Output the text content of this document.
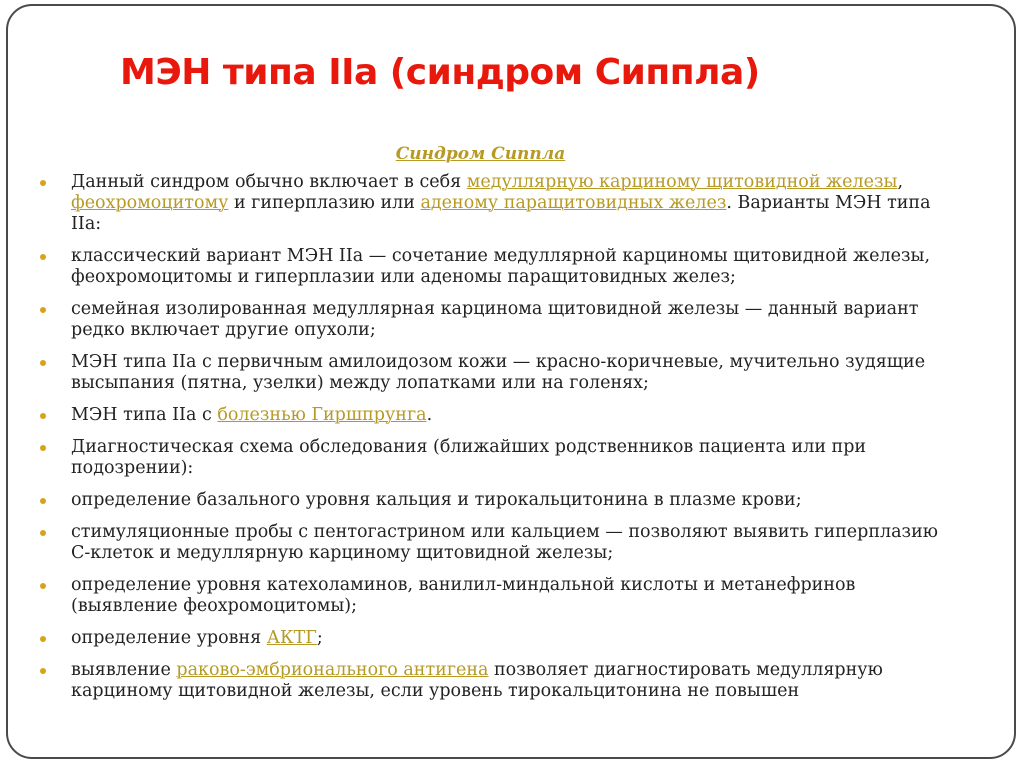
МЭН типа IIa (синдром Сиппла)
Синдром Сиппла
Данный синдром обычно включает в себя медуллярную карциному щитовидной железы, феохромоцитому и гиперплазию или аденому паращитовидных желез. Варианты МЭН типа IIa:
классический вариант МЭН IIa — сочетание медуллярной карциномы щитовидной железы, феохромоцитомы и гиперплазии или аденомы паращитовидных желез;
семейная изолированная медуллярная карцинома щитовидной железы — данный вариант редко включает другие опухоли;
МЭН типа IIa с первичным амилоидозом кожи — красно-коричневые, мучительно зудящие высыпания (пятна, узелки) между лопатками или на голенях;
МЭН типа IIa с болезнью Гиршпрунга.
Диагностическая схема обследования (ближайших родственников пациента или при подозрении):
определение базального уровня кальция и тирокальцитонина в плазме крови;
стимуляционные пробы с пентогастрином или кальцием — позволяют выявить гиперплазию С-клеток и медуллярную карциному щитовидной железы;
определение уровня катехоламинов, ванилил-миндальной кислоты и метанефринов (выявление феохромоцитомы);
определение уровня АКТГ;
выявление раково-эмбрионального антигена позволяет диагностировать медуллярную карциному щитовидной железы, если уровень тирокальцитонина не повышен
